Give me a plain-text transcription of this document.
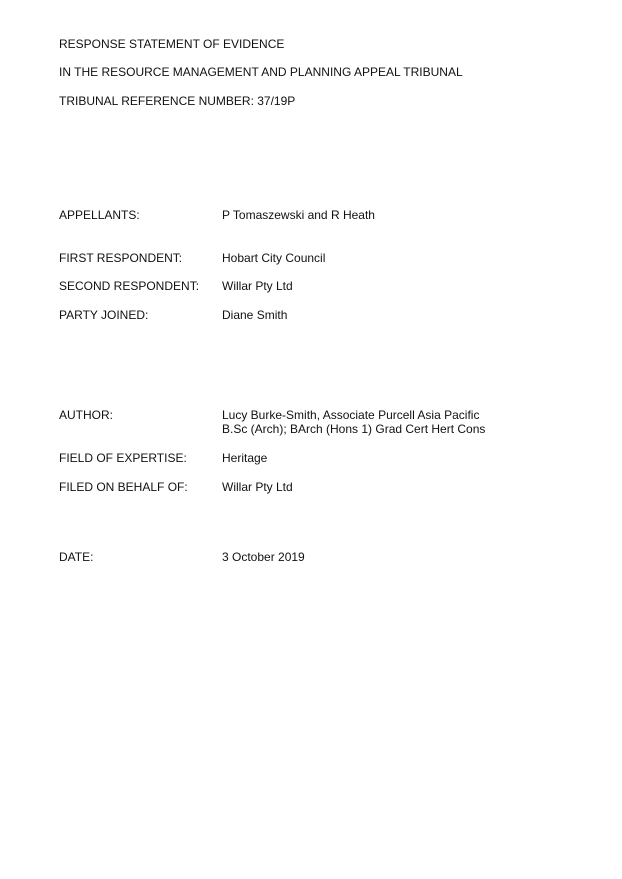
RESPONSE STATEMENT OF EVIDENCE
IN THE RESOURCE MANAGEMENT AND PLANNING APPEAL TRIBUNAL
TRIBUNAL REFERENCE NUMBER: 37/19P
APPELLANTS:	P Tomaszewski and R Heath
FIRST RESPONDENT:	Hobart City Council
SECOND RESPONDENT: Willar Pty Ltd
PARTY JOINED:	Diane Smith
AUTHOR:	Lucy Burke-Smith, Associate Purcell Asia Pacific
B.Sc (Arch); BArch (Hons 1) Grad Cert Hert Cons
FIELD OF EXPERTISE:	Heritage
FILED ON BEHALF OF:	Willar Pty Ltd
DATE:	3 October 2019
